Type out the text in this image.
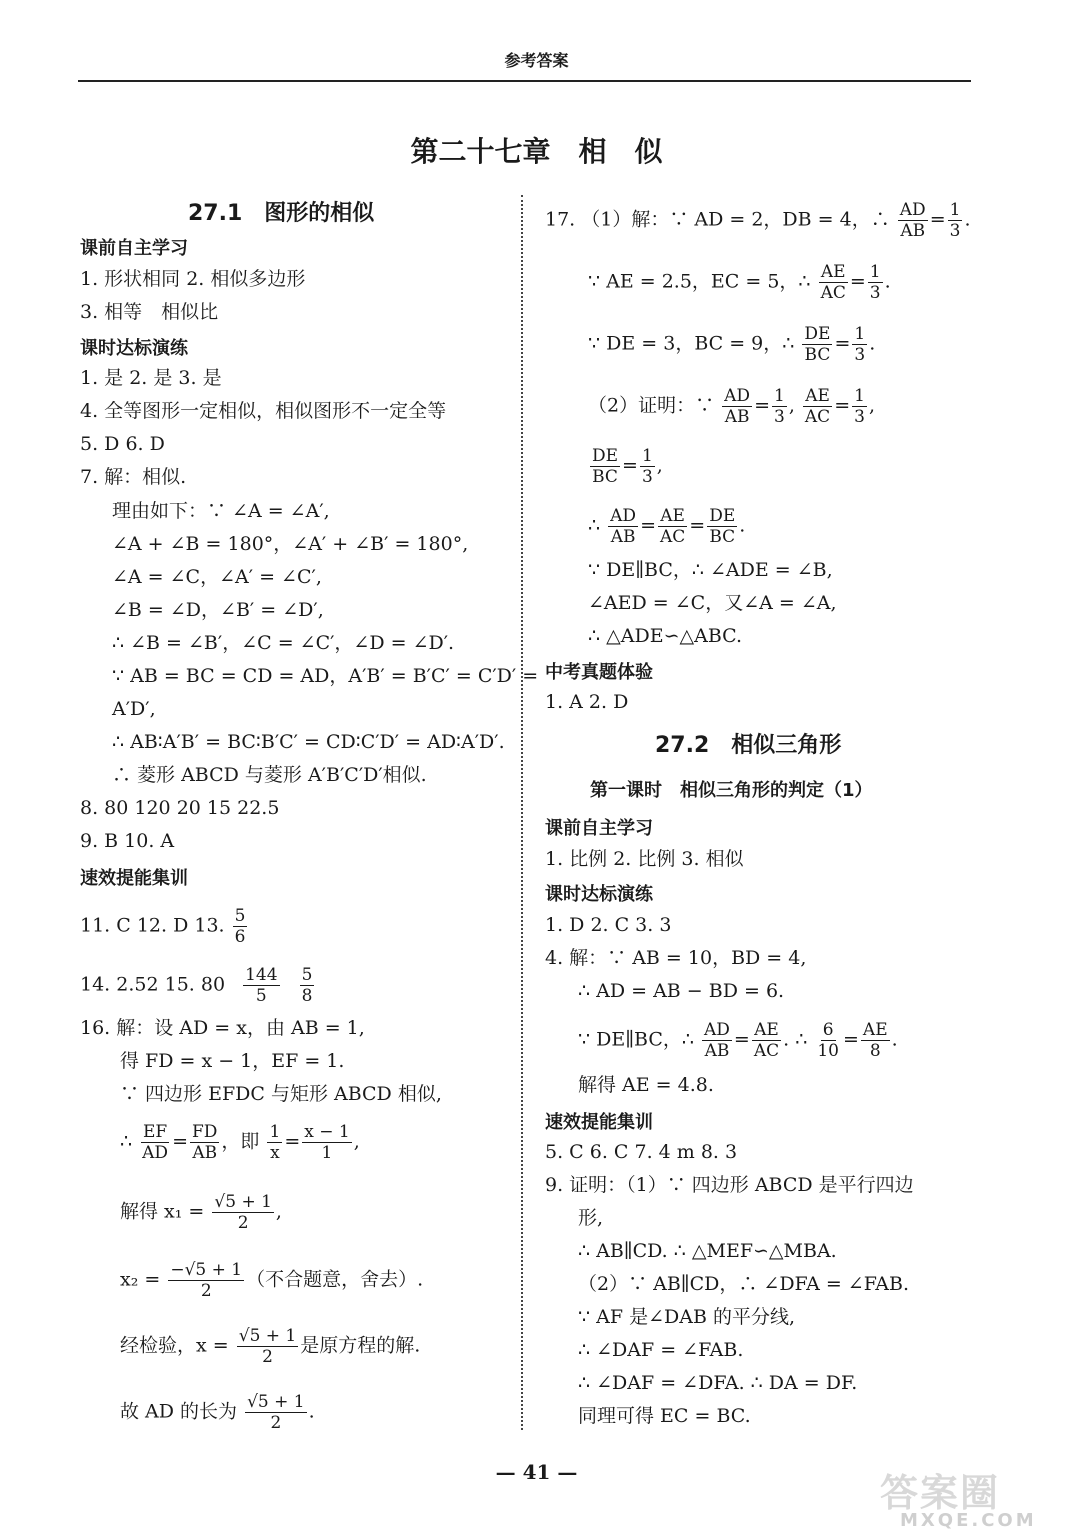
参考答案
第二十七章　相　似
27.1　图形的相似
课前自主学习
1. 形状相同 2. 相似多边形
3. 相等　相似比
课时达标演练
1. 是 2. 是 3. 是
4. 全等图形一定相似，相似图形不一定全等
5. D 6. D
7. 解：相似.
理由如下：∵ ∠A = ∠A′,
∠A + ∠B = 180°，∠A′ + ∠B′ = 180°,
∠A = ∠C，∠A′ = ∠C′,
∠B = ∠D，∠B′ = ∠D′,
∴ ∠B = ∠B′，∠C = ∠C′，∠D = ∠D′.
∵ AB = BC = CD = AD，A′B′ = B′C′ = C′D′ =
A′D′,
∴ AB∶A′B′ = BC∶B′C′ = CD∶C′D′ = AD∶A′D′.
∴ 菱形 ABCD 与菱形 A′B′C′D′相似.
8. 80 120 20 15 22.5
9. B 10. A
速效提能集训
11. C 12. D 13. $\frac{5}{6}$
14. 2.52 15. $80 \frac{144}{5}$
$\frac{5}{8}$
16. 解：设 AD = x，由 AB = 1,
得 FD = x − 1，EF = 1.
∵ 四边形 EFDC 与矩形 ABCD 相似,
∴ $\frac{EF}{AD} = \frac{FD}{AB}$ ，即 $\frac{1}{x} = \frac{x - 1}{1}$ ,
解得 $x_1 = \frac{√5 + 1}{2}$ ,
$x_2 = \frac{-√5 + 1}{2}$ （不合题意，舍去）.
经检验，$x = \frac{√5 + 1}{2}$ 是原方程的解.
故 AD 的长为 $\frac{√5 + 1}{2}$ .
17. （1）解：∵ AD = 2，DB = 4，∴ $\frac{AD}{AB} = \frac{1}{3}$ .
∵ AE = 2.5，EC = 5，∴ $\frac{AE}{AC} = \frac{1}{3}$ .
∵ DE = 3，BC = 9，∴ $\frac{DE}{BC} = \frac{1}{3}$ .
（2）证明：∵ $\frac{AD}{AB} = \frac{1}{3}$ , $\frac{AE}{AC} = \frac{1}{3}$ ,
$\frac{DE}{BC} = \frac{1}{3}$ ,
∴ $\frac{AD}{AB} = \frac{AE}{AC} = \frac{DE}{BC}$ .
∵ DE∥BC，∴ ∠ADE = ∠B,
∠AED = ∠C，又∠A = ∠A,
∴ △ADE∽△ABC.
中考真题体验
1. A 2. D
27.2　相似三角形
第一课时　相似三角形的判定（1）
课前自主学习
1. 比例 2. 比例 3. 相似
课时达标演练
1. D 2. C 3. 3
4. 解：∵ AB = 10，BD = 4,
∴ AD = AB − BD = 6.
∵ DE∥BC，∴ $\frac{AD}{AB} = \frac{AE}{AC}$ . ∴ $\frac{6}{10} = \frac{AE}{8}$ .
解得 AE = 4.8.
速效提能集训
5. C 6. C 7. 4 m 8. 3
9. 证明：（1）∵ 四边形 ABCD 是平行四边
形,
∴ AB∥CD. ∴ △MEF∽△MBA.
（2）∵ AB∥CD，∴ ∠DFA = ∠FAB.
∵ AF 是∠DAB 的平分线,
∴ ∠DAF = ∠FAB.
∴ ∠DAF = ∠DFA. ∴ DA = DF.
同理可得 EC = BC.
— 41 —	答案圈
MXQE.COM
